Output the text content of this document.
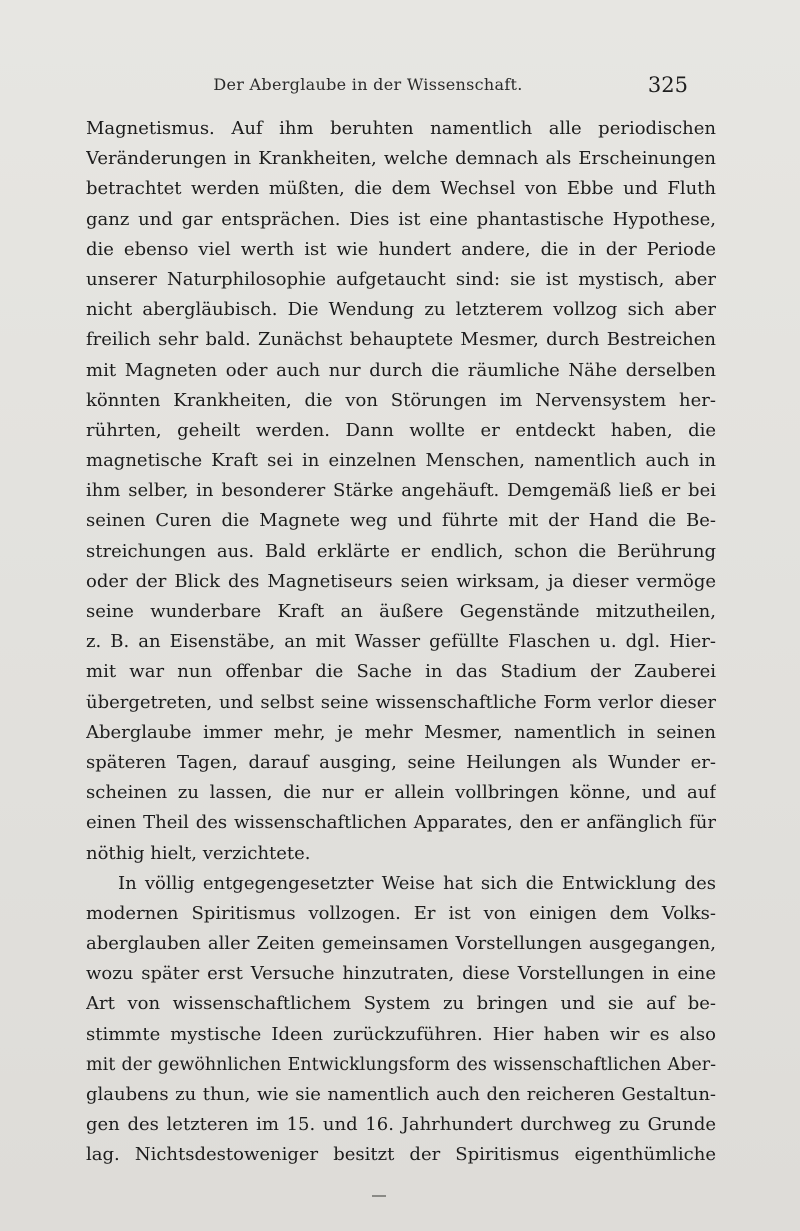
Der Aberglaube in der Wissenschaft.	325
Magnetismus. Auf ihm beruhten namentlich alle periodischen
Veränderungen in Krankheiten, welche demnach als Erscheinungen
betrachtet werden müßten, die dem Wechsel von Ebbe und Fluth
ganz und gar entsprächen. Dies ist eine phantastische Hypothese,
die ebenso viel werth ist wie hundert andere, die in der Periode
unserer Naturphilosophie aufgetaucht sind: sie ist mystisch, aber
nicht abergläubisch. Die Wendung zu letzterem vollzog sich aber
freilich sehr bald. Zunächst behauptete Mesmer, durch Bestreichen
mit Magneten oder auch nur durch die räumliche Nähe derselben
könnten Krankheiten, die von Störungen im Nervensystem her-
rührten, geheilt werden. Dann wollte er entdeckt haben, die
magnetische Kraft sei in einzelnen Menschen, namentlich auch in
ihm selber, in besonderer Stärke angehäuft. Demgemäß ließ er bei
seinen Curen die Magnete weg und führte mit der Hand die Be-
streichungen aus. Bald erklärte er endlich, schon die Berührung
oder der Blick des Magnetiseurs seien wirksam, ja dieser vermöge
seine wunderbare Kraft an äußere Gegenstände mitzutheilen,
z. B. an Eisenstäbe, an mit Wasser gefüllte Flaschen u. dgl. Hier-
mit war nun offenbar die Sache in das Stadium der Zauberei
übergetreten, und selbst seine wissenschaftliche Form verlor dieser
Aberglaube immer mehr, je mehr Mesmer, namentlich in seinen
späteren Tagen, darauf ausging, seine Heilungen als Wunder er-
scheinen zu lassen, die nur er allein vollbringen könne, und auf
einen Theil des wissenschaftlichen Apparates, den er anfänglich für
nöthig hielt, verzichtete.
In völlig entgegengesetzter Weise hat sich die Entwicklung des
modernen Spiritismus vollzogen. Er ist von einigen dem Volks-
aberglauben aller Zeiten gemeinsamen Vorstellungen ausgegangen,
wozu später erst Versuche hinzutraten, diese Vorstellungen in eine
Art von wissenschaftlichem System zu bringen und sie auf be-
stimmte mystische Ideen zurückzuführen. Hier haben wir es also
mit der gewöhnlichen Entwicklungsform des wissenschaftlichen Aber-
glaubens zu thun, wie sie namentlich auch den reicheren Gestaltun-
gen des letzteren im 15. und 16. Jahrhundert durchweg zu Grunde
lag. Nichtsdestoweniger besitzt der Spiritismus eigenthümliche
